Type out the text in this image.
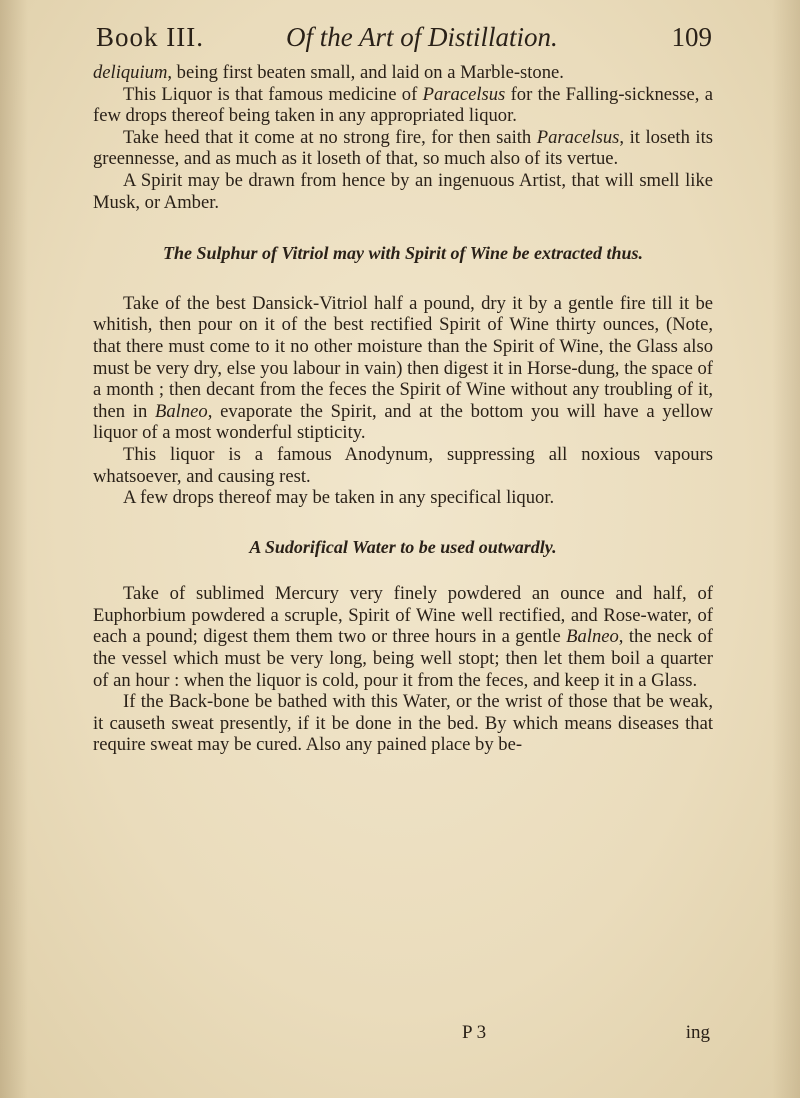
Book III.	Of the Art of Distillation.	109

deliquium, being first beaten small, and laid on a Marble-stone.

This Liquor is that famous medicine of Paracelsus for the Falling-sicknesse, a few drops thereof being taken in any appropriated liquor.

Take heed that it come at no strong fire, for then saith Paracelsus, it loseth its greennesse, and as much as it loseth of that, so much also of its vertue.

A Spirit may be drawn from hence by an ingenuous Artist, that will smell like Musk, or Amber.

The Sulphur of Vitriol may with Spirit of Wine be extracted thus.

Take of the best Dansick-Vitriol half a pound, dry it by a gentle fire till it be whitish, then pour on it of the best rectified Spirit of Wine thirty ounces, (Note, that there must come to it no other moisture than the Spirit of Wine, the Glass also must be very dry, else you labour in vain) then digest it in Horse-dung, the space of a month ; then decant from the feces the Spirit of Wine without any troubling of it, then in Balneo, evaporate the Spirit, and at the bottom you will have a yellow liquor of a most wonderful stipticity.

This liquor is a famous Anodynum, suppressing all noxious vapours whatsoever, and causing rest.

A few drops thereof may be taken in any specifical liquor.

A Sudorifical Water to be used outwardly.

Take of sublimed Mercury very finely powdered an ounce and half, of Euphorbium powdered a scruple, Spirit of Wine well rectified, and Rose-water, of each a pound; digest them them two or three hours in a gentle Balneo, the neck of the vessel which must be very long, being well stopt; then let them boil a quarter of an hour : when the liquor is cold, pour it from the feces, and keep it in a Glass.

If the Back-bone be bathed with this Water, or the wrist of those that be weak, it causeth sweat presently, if it be done in the bed. By which means diseases that require sweat may be cured. Also any pained place by be-

P 3	ing
